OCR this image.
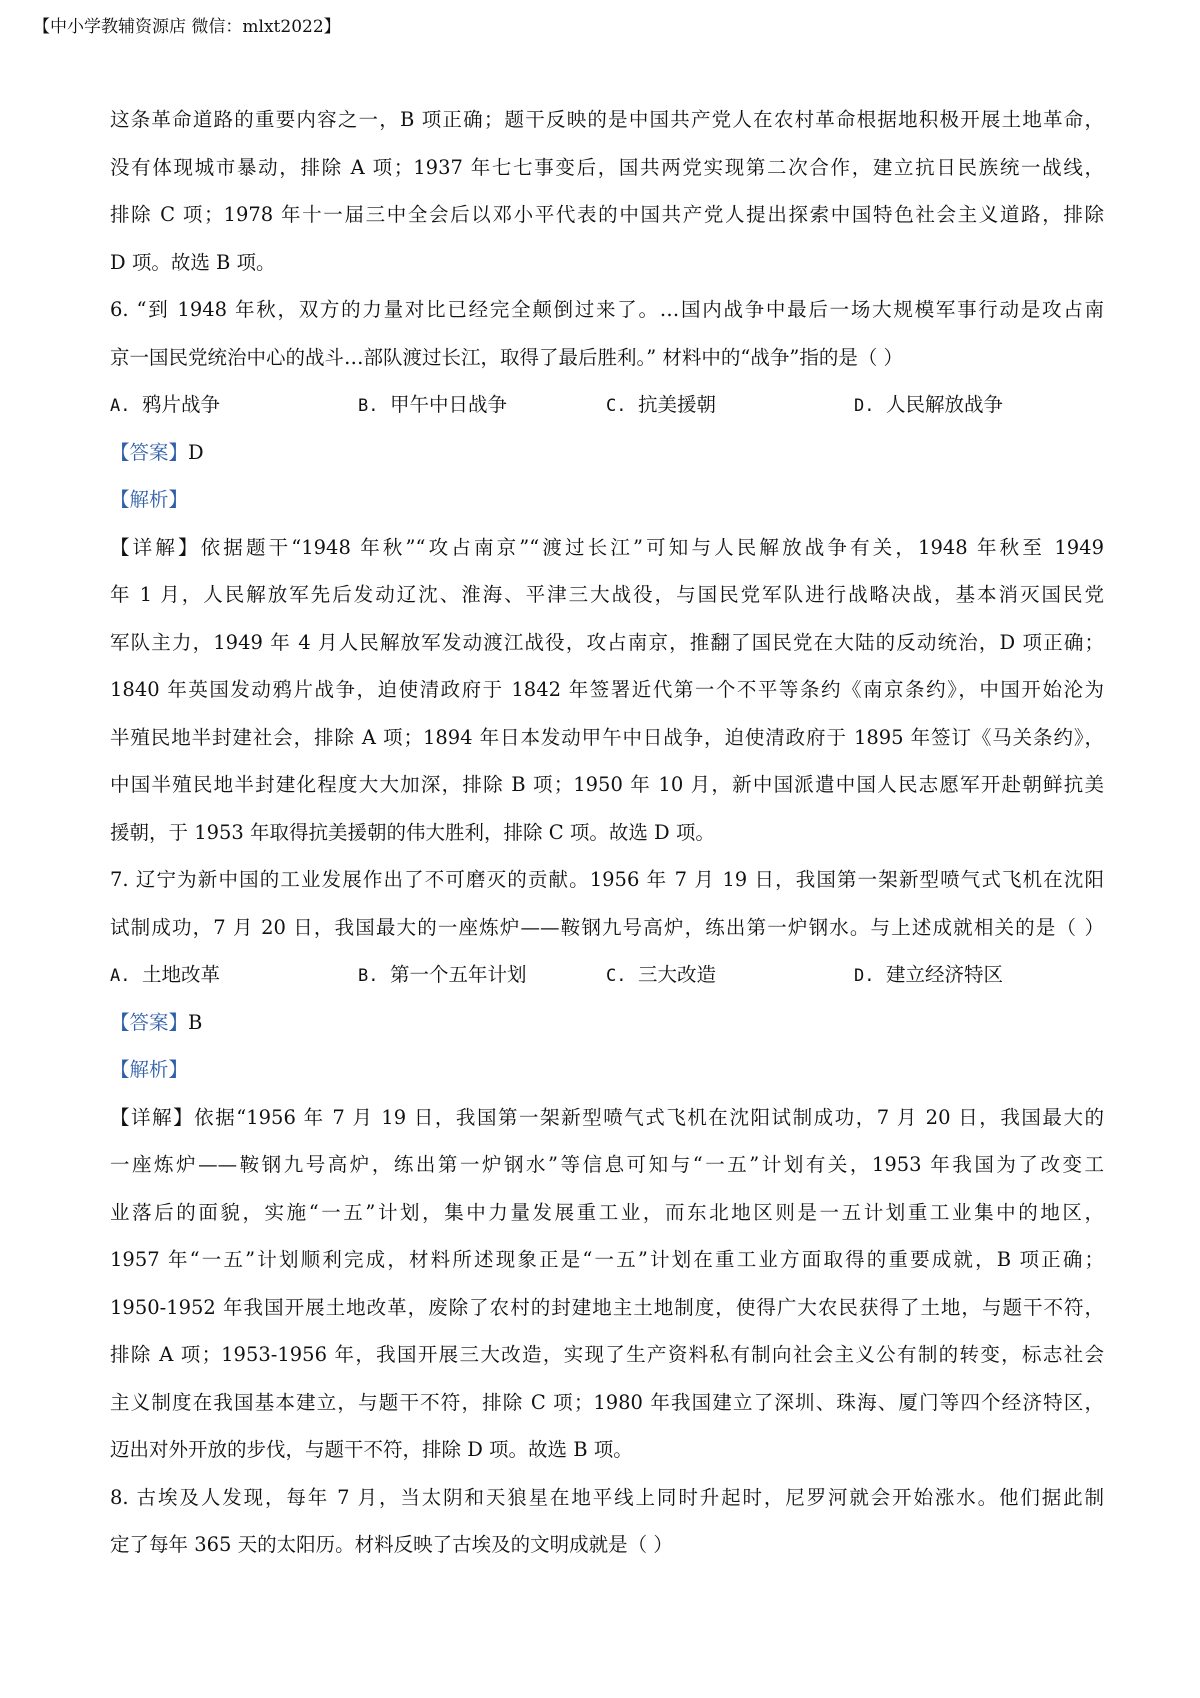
【中小学教辅资源店 微信：mlxt2022】
这条革命道路的重要内容之一，B 项正确；题干反映的是中国共产党人在农村革命根据地积极开展土地革命，
没有体现城市暴动，排除 A 项；1937 年七七事变后，国共两党实现第二次合作，建立抗日民族统一战线，
排除 C 项；1978 年十一届三中全会后以邓小平代表的中国共产党人提出探索中国特色社会主义道路，排除
D 项。故选 B 项。
6. “到 1948 年秋，双方的力量对比已经完全颠倒过来了。…国内战争中最后一场大规模军事行动是攻占南
京一国民党统治中心的战斗…部队渡过长江，取得了最后胜利。” 材料中的“战争”指的是（ ）
A. 鸦片战争	B. 甲午中日战争	C. 抗美援朝	D. 人民解放战争
【答案】D
【解析】
【详解】依据题干“1948 年秋”“攻占南京”“渡过长江”可知与人民解放战争有关，1948 年秋至 1949
年 1 月，人民解放军先后发动辽沈、淮海、平津三大战役，与国民党军队进行战略决战，基本消灭国民党
军队主力，1949 年 4 月人民解放军发动渡江战役，攻占南京，推翻了国民党在大陆的反动统治，D 项正确；
1840 年英国发动鸦片战争，迫使清政府于 1842 年签署近代第一个不平等条约《南京条约》，中国开始沦为
半殖民地半封建社会，排除 A 项；1894 年日本发动甲午中日战争，迫使清政府于 1895 年签订《马关条约》，
中国半殖民地半封建化程度大大加深，排除 B 项；1950 年 10 月，新中国派遣中国人民志愿军开赴朝鲜抗美
援朝，于 1953 年取得抗美援朝的伟大胜利，排除 C 项。故选 D 项。
7. 辽宁为新中国的工业发展作出了不可磨灭的贡献。1956 年 7 月 19 日，我国第一架新型喷气式飞机在沈阳
试制成功，7 月 20 日，我国最大的一座炼炉——鞍钢九号高炉，练出第一炉钢水。与上述成就相关的是（ ）
A. 土地改革	B. 第一个五年计划	C. 三大改造	D. 建立经济特区
【答案】B
【解析】
【详解】依据“1956 年 7 月 19 日，我国第一架新型喷气式飞机在沈阳试制成功，7 月 20 日，我国最大的
一座炼炉——鞍钢九号高炉，练出第一炉钢水”等信息可知与“一五”计划有关，1953 年我国为了改变工
业落后的面貌，实施“一五”计划，集中力量发展重工业，而东北地区则是一五计划重工业集中的地区，
1957 年“一五”计划顺利完成，材料所述现象正是“一五”计划在重工业方面取得的重要成就，B 项正确；
1950-1952 年我国开展土地改革，废除了农村的封建地主土地制度，使得广大农民获得了土地，与题干不符，
排除 A 项；1953-1956 年，我国开展三大改造，实现了生产资料私有制向社会主义公有制的转变，标志社会
主义制度在我国基本建立，与题干不符，排除 C 项；1980 年我国建立了深圳、珠海、厦门等四个经济特区，
迈出对外开放的步伐，与题干不符，排除 D 项。故选 B 项。
8. 古埃及人发现，每年 7 月，当太阴和天狼星在地平线上同时升起时，尼罗河就会开始涨水。他们据此制
定了每年 365 天的太阳历。材料反映了古埃及的文明成就是（ ）
